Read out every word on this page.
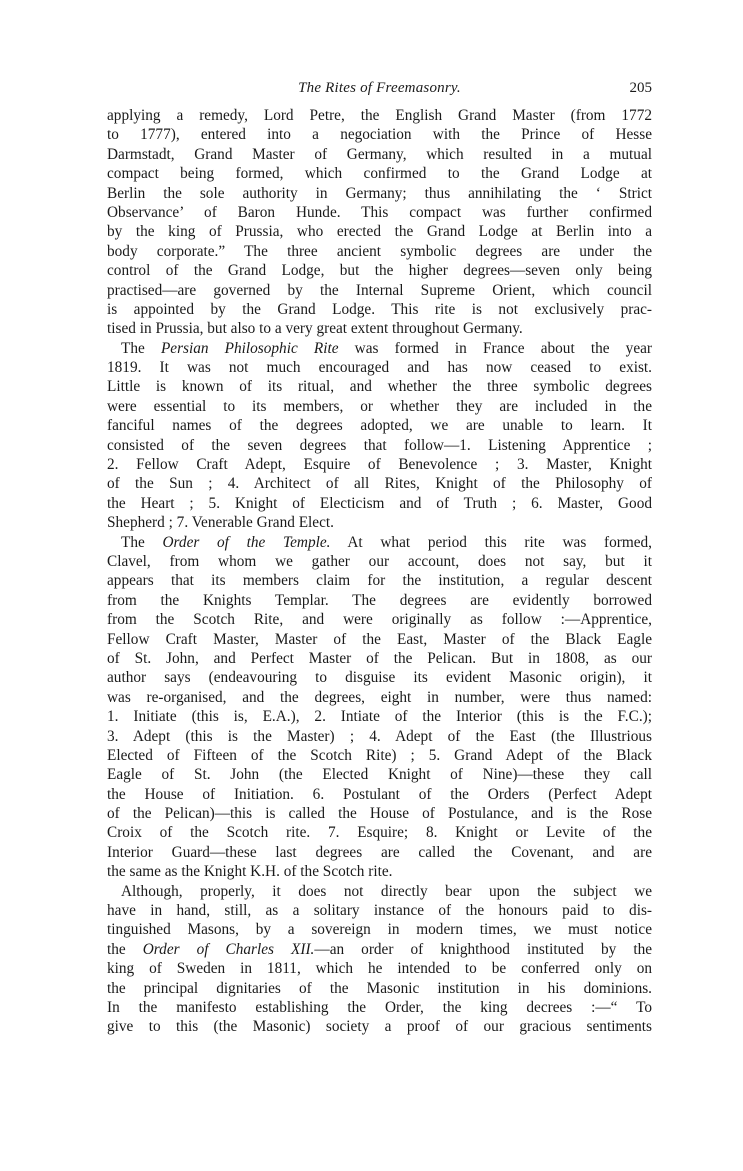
The Rites of Freemasonry.	205
applying a remedy, Lord Petre, the English Grand Master (from 1772
to 1777), entered into a negociation with the Prince of Hesse
Darmstadt, Grand Master of Germany, which resulted in a mutual
compact being formed, which confirmed to the Grand Lodge at
Berlin the sole authority in Germany; thus annihilating the ‘ Strict
Observance’ of Baron Hunde. This compact was further confirmed
by the king of Prussia, who erected the Grand Lodge at Berlin into a
body corporate.” The three ancient symbolic degrees are under the
control of the Grand Lodge, but the higher degrees—seven only being
practised—are governed by the Internal Supreme Orient, which council
is appointed by the Grand Lodge. This rite is not exclusively prac-
tised in Prussia, but also to a very great extent throughout Germany.
The Persian Philosophic Rite was formed in France about the year
1819. It was not much encouraged and has now ceased to exist.
Little is known of its ritual, and whether the three symbolic degrees
were essential to its members, or whether they are included in the
fanciful names of the degrees adopted, we are unable to learn. It
consisted of the seven degrees that follow—1. Listening Apprentice ;
2. Fellow Craft Adept, Esquire of Benevolence ; 3. Master, Knight
of the Sun ; 4. Architect of all Rites, Knight of the Philosophy of
the Heart ; 5. Knight of Electicism and of Truth ; 6. Master, Good
Shepherd ; 7. Venerable Grand Elect.
The Order of the Temple. At what period this rite was formed,
Clavel, from whom we gather our account, does not say, but it
appears that its members claim for the institution, a regular descent
from the Knights Templar. The degrees are evidently borrowed
from the Scotch Rite, and were originally as follow :—Apprentice,
Fellow Craft Master, Master of the East, Master of the Black Eagle
of St. John, and Perfect Master of the Pelican. But in 1808, as our
author says (endeavouring to disguise its evident Masonic origin), it
was re-organised, and the degrees, eight in number, were thus named:
1. Initiate (this is, E.A.), 2. Intiate of the Interior (this is the F.C.);
3. Adept (this is the Master) ; 4. Adept of the East (the Illustrious
Elected of Fifteen of the Scotch Rite) ; 5. Grand Adept of the Black
Eagle of St. John (the Elected Knight of Nine)—these they call
the House of Initiation. 6. Postulant of the Orders (Perfect Adept
of the Pelican)—this is called the House of Postulance, and is the Rose
Croix of the Scotch rite. 7. Esquire; 8. Knight or Levite of the
Interior Guard—these last degrees are called the Covenant, and are
the same as the Knight K.H. of the Scotch rite.
Although, properly, it does not directly bear upon the subject we
have in hand, still, as a solitary instance of the honours paid to dis-
tinguished Masons, by a sovereign in modern times, we must notice
the Order of Charles XII.—an order of knighthood instituted by the
king of Sweden in 1811, which he intended to be conferred only on
the principal dignitaries of the Masonic institution in his dominions.
In the manifesto establishing the Order, the king decrees :—“ To
give to this (the Masonic) society a proof of our gracious sentiments
